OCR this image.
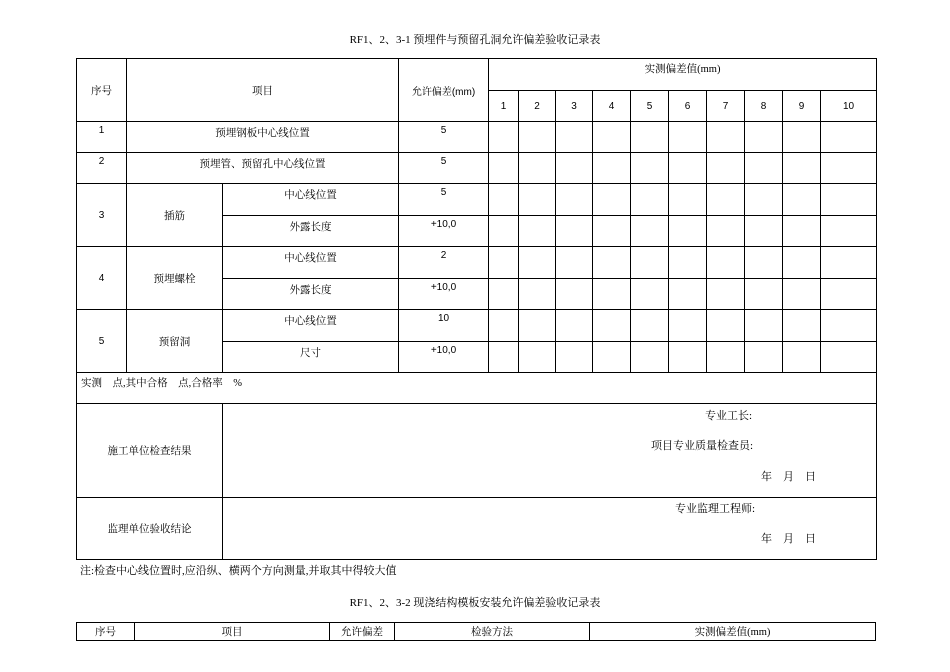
RF1、2、3-1 预埋件与预留孔洞允许偏差验收记录表
序号	项目		允许偏差(mm)	实测偏差值(mm)									
				1	2	3	4	5	6	7	8	9	10
1	预埋钢板中心线位置		5										
2	预埋管、预留孔中心线位置		5										
3	插筋	中心线位置	5										
		外露长度	+10,0										
4	预埋螺栓	中心线位置	2										
		外露长度	+10,0										
5	预留洞	中心线位置	10										
		尺寸	+10,0										
实测　点,其中合格　点,合格率　%													
施工单位检查结果		专业工长:
项目专业质量检查员:
年　月　日											

监理单位验收结论		专业监理工程师:
年　月　日											
注:检查中心线位置时,应沿纵、横两个方向测量,并取其中得较大值
RF1、2、3-2 现浇结构模板安装允许偏差验收记录表
序号	项目	允许偏差	检验方法	实测偏差值(mm)
